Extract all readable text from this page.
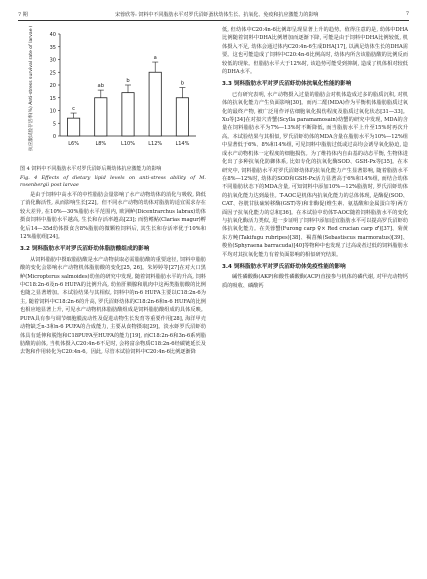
7 期	宋蓉欣等: 饲料中不同脂肪水平对罗氏沼虾蚤状幼体生长、抗氧化、免疫和抗应激能力的影响	7
0
5
10
15
20
25
30
35
40
抗应激试验存活率(%) Anti-stress survival rate of larvae (%)	c
L6%
ab
L8%
b
L10%
a
L12%
b
L14%

图 4 饲料中不同脂肪水平对罗氏沼虾后期幼体抗应激能力的影响

Fig. 4 Effects of dietary lipid levels on anti-stress ability of M. rosenbergii post larvae

是由于饲料中高水平的中性脂肪会量影响了水产动物幼体的消化与吸收, 降低了消化酶活性, 从而影响生长[22]。但不同水产动物的幼体对脂肪的适宜需求存在较大差异, 在10%—30%脂肪水平范围内, 欧洲鲈(Dicentrarchus labrax)幼体摄食饲料中脂肪水平越高, 生长和存活率越高[23]; 而豹鳍鲇(Clarias magur)孵化后14—35d幼体摄食含8%脂肪的微颗粒饲料后, 其生长和存活率优于10%和12%脂肪组[24]。

3.2 饲料脂肪水平对罗氏沼虾幼体脂肪酸组成的影响

从饲料脂肪中摄取脂肪酸是水产动物获取必需脂肪酸的重要途径, 饲料中脂肪酸的变化会影响水产动物机体脂肪酸的变化[25, 26]。朱婷婷等[27]在对大口黑鲈(Micropterus salmoides)幼鱼的研究中发现, 随着饲料脂肪水平的升高, 饲料中C18:2n-6及n-6 HUFA的比例升高, 幼鱼肝胰腺和肌肉中这两类脂肪酸的比例也随之显著增加。本试验结果与其相似, 饲料中的n-6 HUFA主要以C18:2n-6为主, 随着饲料中C18:2n-6的升高, 罗氏沼虾幼体的C18:2n-6和n-6 HUFA的比例也相应地显著上升, 可见水产动物机体脂肪酸组成是饲料脂肪酸组成的具体反映。PUFA具有参与调节细胞膜流动性及促进动物生长发育等重要作用[28], 海洋甲壳动物缺乏n-3和n-6 PUFA的合成能力, 主要从食物摄取[29]。淡水虾罗氏沼虾幼体具有延伸和脱饱和C18PUFA至HUFA的能力[19], 而C18:2n-6和3n-6系列脂肪酸的前体, 当机体摄入C20:4n-6不足时, 会将富余物质C18:2n-6经碳链延长及去饱和作用转化为C20:4n-6。因此, 尽管本试验饲料中C20:4n-6比例逐渐降

低, 但幼体中C20:4n-6比例却呈现显著上升的趋势。值得注意的是, 幼体中DHA比例随着饲料中DHA比例增加而逐渐下降, 可能是由于饲料中DHA比例较低, 机体摄入不足, 幼体会通过体内C20:4n-6生成DHA[17], 以满足幼体生长的DHA需要。这也可能造成了饲料中C20:4n-6比例高时, 幼体内所含该脂肪酸的比例反而较低的现象。但脂肪水平大于12%时, 该趋势可能受到抑制, 造成了机体相对较低的DHA水平。

3.3 饲料脂肪水平对罗氏沼虾幼体抗氧化性能的影响

已有研究表明, 水产动物摄入过量的脂肪会对机体造成过多的脂质沉积, 对机体的抗氧化能力产生负面影响[30]。而丙二醛(MDA)作为平衡机体脂肪脂质过氧化的最终产物, 被广泛用作评估细胞氧化损伤程度及脂质过氧化状态[31—33]。Xu等[34]在对拟穴青蟹(Scylla paramamosain)幼蟹的研究中发现, MDA的含量在饲料脂肪水平为7%—13%时不断降低, 而当脂肪水平上升至15%时再次升高。本试验结果与其相似, 罗氏沼虾幼体的MDA含量在脂肪水平为10%—12%组中显著低于6%、8%和14%组, 可见饲料中脂肪过低或过高均会诱导氧化胁迫, 造成水产动物机体一定程度的细胞损伤。为了维持体内自由基的动态平衡, 生物体进化出了多种抗氧化防御体系, 比如专化的抗氧化酶SOD、GSH-Px等[35]。在本研究中, 饲料脂肪水平对罗氏沼虾幼体的抗氧化能力产生显著影响, 随着脂肪水平在8%—12%时, 幼体的SOD和GSH-Px活力显著高于6%和14%组, 而结合幼体不同脂肪状态下的MDA含量, 可知饲料中添加10%—12%脂肪时, 罗氏沼虾幼体的抗氧化能力达到最佳。T-AOC是机体内抗氧化能力的总体体现, 是酶促(SOD、CAT、谷胱甘肽硫转移酶(GST)等)和非酶促(维生素、氨基酸和金属蛋白等)两方面因子抗氧化能力的总和[36]。在本试验中幼体T-AOC随着饲料脂肪水平的变化与抗氧化酶活力类似, 进一步证明了饲料中添加适宜脂肪水平可以提高罗氏沼虾幼体抗氧化能力。在芙蓉蟹(Furong carp ♀× Red crucian carp ♂)[37]、菊黄东方鲀(Takifugu rubripes)[38]、褐菖鲉(Sebastiscus marmoratus)[39]、梭鱼(Sphyraena barracuda)[40]等物种中也发现了过高或者过低的饲料脂肪水平均对其抗氧化能力有着负面影响的相似研究结果。

3.4 饲料脂肪水平对罗氏沼虾幼体免疫性能的影响

碱性磷酸酶(AKP)和酸性磷酸酶(ACP)直接参与机体的磷代谢, 对甲壳动物钙质的吸收、磷酸钙
